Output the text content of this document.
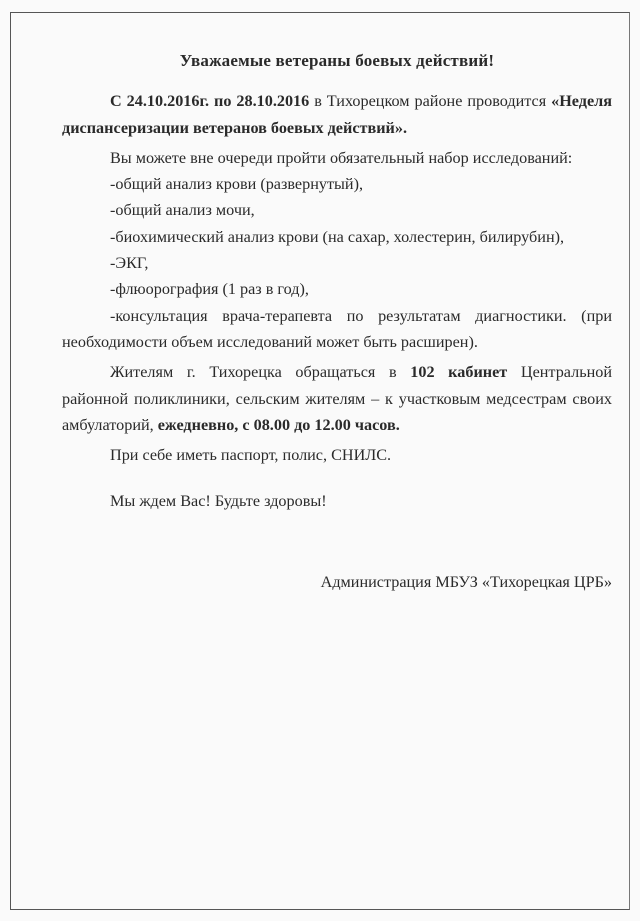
Уважаемые ветераны боевых действий!

С 24.10.2016г. по 28.10.2016 в Тихорецком районе проводится «Неделя диспансеризации ветеранов боевых действий».

Вы можете вне очереди пройти обязательный набор исследований:

-общий анализ крови (развернутый),

-общий анализ мочи,

-биохимический анализ крови (на сахар, холестерин, билирубин),

-ЭКГ,

-флюорография (1 раз в год),

-консультация врача-терапевта по результатам диагностики. (при необходимости объем исследований может быть расширен).

Жителям г. Тихорецка обращаться в 102 кабинет Центральной районной поликлиники, сельским жителям – к участковым медсестрам своих амбулаторий, ежедневно, с 08.00 до 12.00 часов.

При себе иметь паспорт, полис, СНИЛС.

Мы ждем Вас! Будьте здоровы!

Администрация МБУЗ «Тихорецкая ЦРБ»
